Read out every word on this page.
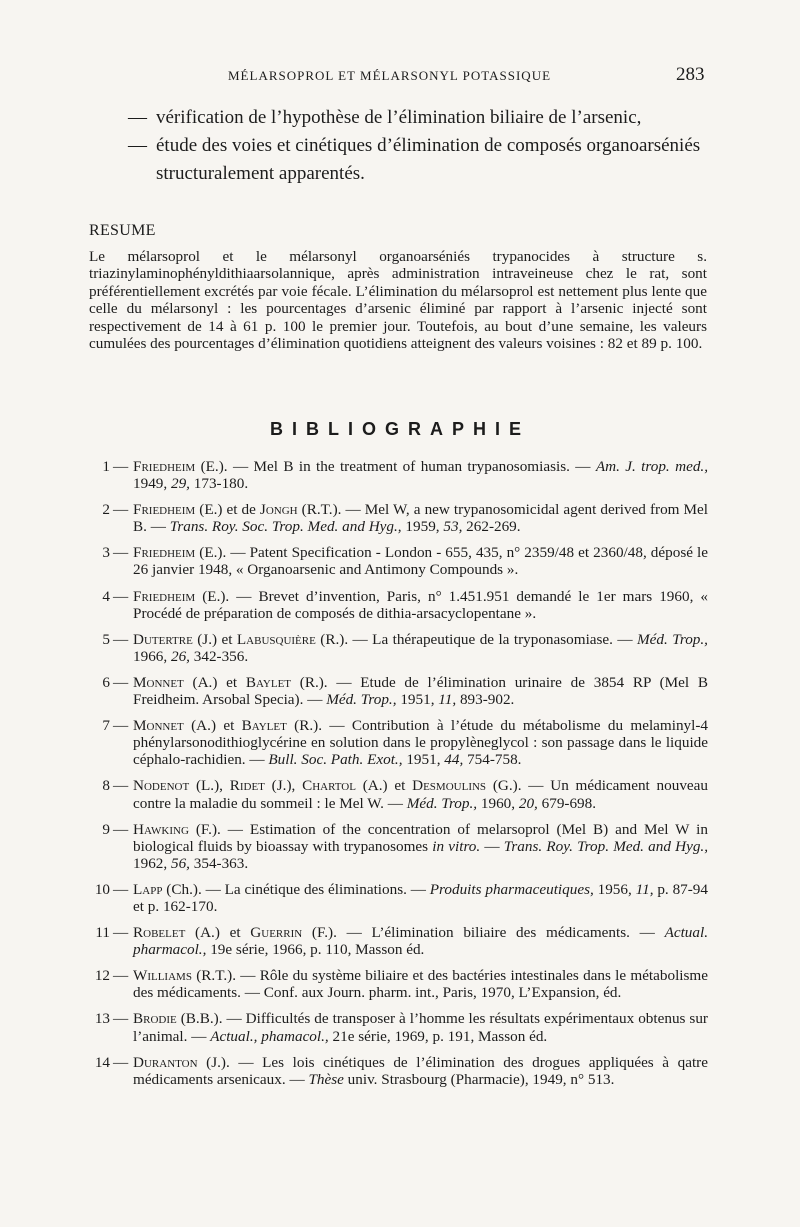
MÉLARSOPROL ET MÉLARSONYL POTASSIQUE	283
— vérification de l’hypothèse de l’élimination biliaire de l’arsenic,
— étude des voies et cinétiques d’élimination de composés organoarséniés structuralement apparentés.
RESUME
Le mélarsoprol et le mélarsonyl organoarséniés trypanocides à structure s. triazinylaminophényldithiaarsolannique, après administration intraveineuse chez le rat, sont préférentiellement excrétés par voie fécale. L’élimination du mélarsoprol est nettement plus lente que celle du mélarsonyl : les pourcentages d’arsenic éliminé par rapport à l’arsenic injecté sont respectivement de 14 à 61 p. 100 le premier jour. Toutefois, au bout d’une semaine, les valeurs cumulées des pourcentages d’élimination quotidiens atteignent des valeurs voisines : 82 et 89 p. 100.
BIBLIOGRAPHIE
1 — Friedheim (E.). — Mel B in the treatment of human trypanosomiasis. — Am. J. trop. med., 1949, 29, 173-180.
2 — Friedheim (E.) et de Jongh (R.T.). — Mel W, a new trypanosomicidal agent derived from Mel B. — Trans. Roy. Soc. Trop. Med. and Hyg., 1959, 53, 262-269.
3 — Friedheim (E.). — Patent Specification - London - 655, 435, n° 2359/48 et 2360/48, déposé le 26 janvier 1948, « Organoarsenic and Antimony Compounds ».
4 — Friedheim (E.). — Brevet d’invention, Paris, n° 1.451.951 demandé le 1er mars 1960, « Procédé de préparation de composés de dithia-arsacyclopentane ».
5 — Dutertre (J.) et Labusquière (R.). — La thérapeutique de la tryponasomiase. — Méd. Trop., 1966, 26, 342-356.
6 — Monnet (A.) et Baylet (R.). — Etude de l’élimination urinaire de 3854 RP (Mel B Freidheim. Arsobal Specia). — Méd. Trop., 1951, 11, 893-902.
7 — Monnet (A.) et Baylet (R.). — Contribution à l’étude du métabolisme du melaminyl-4 phénylarsonodithioglycérine en solution dans le propylèneglycol : son passage dans le liquide céphalo-rachidien. — Bull. Soc. Path. Exot., 1951, 44, 754-758.
8 — Nodenot (L.), Ridet (J.), Chartol (A.) et Desmoulins (G.). — Un médicament nouveau contre la maladie du sommeil : le Mel W. — Méd. Trop., 1960, 20, 679-698.
9 — Hawking (F.). — Estimation of the concentration of melarsoprol (Mel B) and Mel W in biological fluids by bioassay with trypanosomes in vitro. — Trans. Roy. Trop. Med. and Hyg., 1962, 56, 354-363.
10 — Lapp (Ch.). — La cinétique des éliminations. — Produits pharmaceutiques, 1956, 11, p. 87-94 et p. 162-170.
11 — Robelet (A.) et Guerrin (F.). — L’élimination biliaire des médicaments. — Actual. pharmacol., 19e série, 1966, p. 110, Masson éd.
12 — Williams (R.T.). — Rôle du système biliaire et des bactéries intestinales dans le métabolisme des médicaments. — Conf. aux Journ. pharm. int., Paris, 1970, L’Expansion, éd.
13 — Brodie (B.B.). — Difficultés de transposer à l’homme les résultats expérimentaux obtenus sur l’animal. — Actual., phamacol., 21e série, 1969, p. 191, Masson éd.
14 — Duranton (J.). — Les lois cinétiques de l’élimination des drogues appliquées à qatre médicaments arsenicaux. — Thèse univ. Strasbourg (Pharmacie), 1949, n° 513.
